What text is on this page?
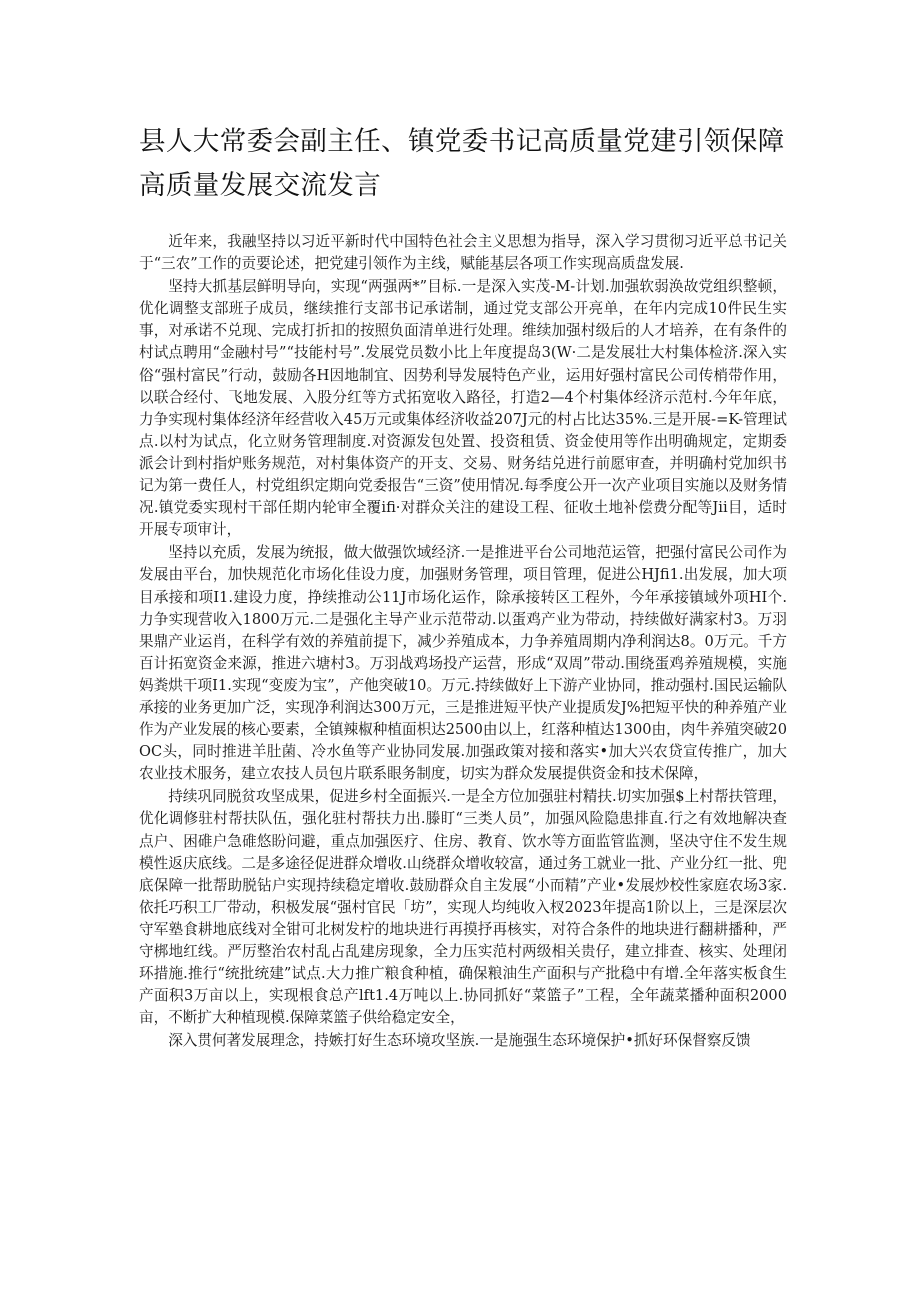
县人大常委会副主任、镇党委书记高质量党建引领保障高质量发展交流发言

近年来，我融坚持以习近平新时代中国特色社会主义思想为指导，深入学习贯彻习近平总书记关于“三农”工作的贡要论述，把党建引领作为主线，赋能基层各项工作实现高质盘发展.

坚持大抓基层鲜明导向，实现“两强两*”目标.一是深入实茂-M-计划.加强软弱涣故党组织整顿，优化调整支部班子成员，继续推行支部书记承诺制，通过党支部公开亮单，在年内完成10件民生实事，对承诺不兑现、完成打折扣的按照负面清单进行处理。维续加强村级后的人才培养，在有条件的村试点聘用“金融村号”“技能村号”.发展党员数小比上年度提岛3(W·二是发展壮大村集体检济.深入实俗“强村富民”行动，鼓励各H因地制宜、因势利导发展特色产业，运用好强村富民公司传梢带作用，以联合经付、飞地发展、入股分红等方式拓宽收入路径，打造2—4个村集体经济示范村.今年年底，力争实现村集体经济年经营收入45万元或集体经济收益207J元的村占比达35%.三是开展-=K-管理试点.以村为试点，化立财务管理制度.对资源发包处置、投资租赁、资金使用等作出明确规定，定期委派会计到村指炉账务规范，对村集体资产的开支、交易、财务结兑进行前愿审查，并明确村党加织书记为第一费任人，村党组织定期向党委报告“三资”使用情况.每季度公开一次产业项目实施以及财务情况.镇党委实现村干部任期内轮审全覆ifi·对群众关注的建设工程、征收土地补偿费分配等Jii目，适时开展专项审计，

坚持以充质，发展为统报，做大做强饮域经济.一是推进平台公司地范运管，把强付富民公司作为发展由平台，加快规范化市场化佳设力度，加强财务管理，项目管理，促进公HJfi1.出发展，加大项目承接和项I1.建设力度，挣续推动公11J市场化运作，除承接转区工程外，今年承接镇域外项HI个.力争实现营收入1800万元.二是强化主导产业示范带动.以蛋鸡产业为带动，持续做好满家村3。万羽果鼎产业运肖，在科学有效的养殖前提下，减少养殖成本，力争养殖周期内净利润达8。0万元。千方百计拓宽资金来源，推进六塘村3。万羽战鸡场投产运营，形成“双周”带动.围绕蛋鸡养殖规模，实施妈粪烘干项I1.实现“变废为宝”，产他突破10。万元.持续做好上下游产业协同，推动强村.国民运输队承接的业务更加广泛，实现净利润达300万元，三是推进短平快产业提质发J%把短平快的种养殖产业作为产业发展的核心要素，全镇辣椒种植面枳达2500由以上，红落种植达1300由，肉牛养殖突破20OC头，同时推进羊肚菌、冷水鱼等产业协同发展.加强政策对接和落实•加大兴农贷宣传推广，加大农业技术服务，建立农技人员包片联系眼务制度，切实为群众发展提供资金和技术保障，

持续巩同脱贫攻坚成果，促进乡村全面振兴.一是全方位加强驻村精扶.切实加强$上村帮扶管理，优化调修驻村帮扶队伍，强化驻村帮扶力出.滕盯“三类人员”，加强风险隐患排直.行之有效地解决查点户、困碓户急碓悠盼问避，重点加强医疗、住房、教育、饮水等方面监管监测，坚决守住不发生规模性返庆底线。二是多途径促进群众增收.山绕群众增收较富，通过务工就业一批、产业分红一批、兜底保障一批帮助脱钻户实现持续稳定增收.鼓励群众自主发展“小而精”产业•发展炒校性家庭农场3家.依托巧积工厂带动，积极发展“强村官民「坊”，实现人均纯收入杈2023年提高1阶以上，三是深层次守军塾食耕地底线对全钳可北树发柠的地块进行再摸抒再核实，对符合条件的地块进行翻耕播种，严守梆地红线。严厉整治农村乱占乱建房现象，全力压实范村两级相关贵仔，建立排查、核实、处理闭环措施.推行“统批统建”试点.大力推广粮食种植，确保粮油生产面积与产批稳中有增.全年落实板食生产面积3万亩以上，实现根食总产lft1.4万吨以上.协同抓好“菜篮子”工程，全年蔬菜播种面积2000亩，不断扩大种植现模.保障菜篮子供给稳定安全，

深入贯何著发展理念，持嫉打好生态环境攻坚族.一是施强生态环境保护•抓好环保督察反馈
